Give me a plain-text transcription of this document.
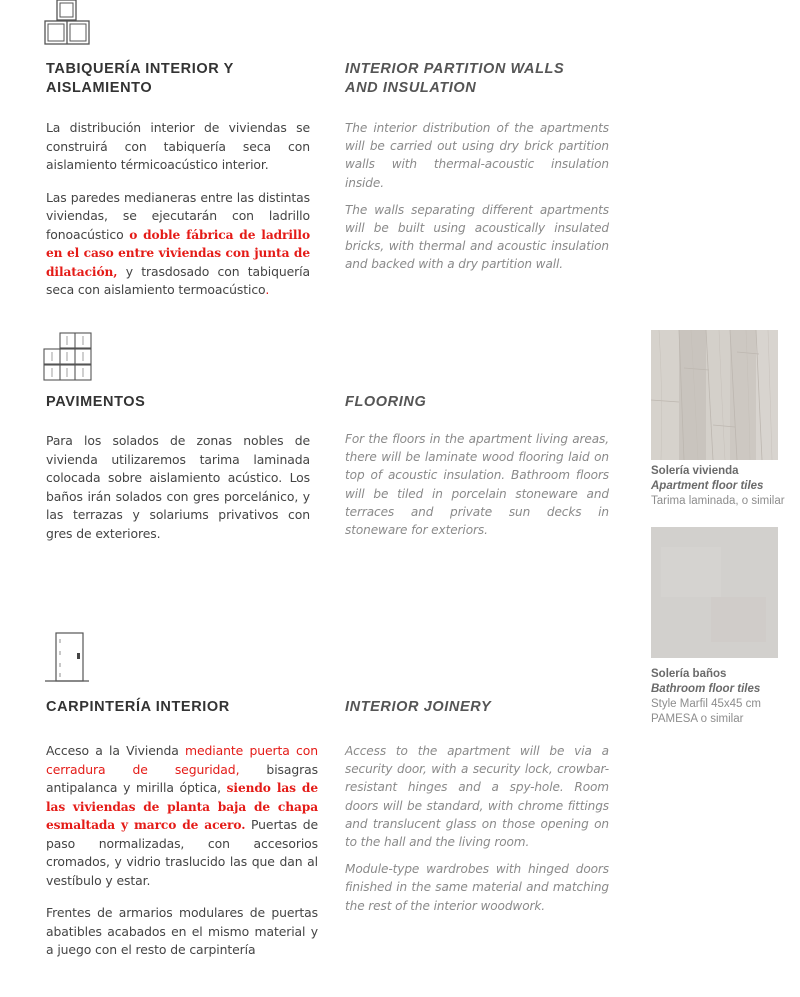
TABIQUERÍA INTERIOR Y
AISLAMIENTO
INTERIOR PARTITION WALLS
AND INSULATION

La distribución interior de viviendas se construirá con tabiquería seca con aislamiento térmicoacústico interior.

Las paredes medianeras entre las distintas viviendas, se ejecutarán con ladrillo fonoacústico o doble fábrica de ladrillo en el caso entre viviendas con junta de dilatación, y trasdosado con tabiquería seca con aislamiento termoacústico.

The interior distribution of the apartments will be carried out using dry brick partition walls with thermal-acoustic insulation inside.

The walls separating different apartments will be built using acoustically insulated bricks, with thermal and acoustic insulation and backed with a dry partition wall.

PAVIMENTOS	FLOORING

Para los solados de zonas nobles de vivienda utilizaremos tarima laminada colocada sobre aislamiento acústico. Los baños irán solados con gres porcelánico, y las terrazas y solariums privativos con gres de exteriores.

For the floors in the apartment living areas, there will be laminate wood flooring laid on top of acoustic insulation. Bathroom floors will be tiled in porcelain stoneware and terraces and private sun decks in stoneware for exteriors.

Solería vivienda
Apartment floor tiles
Tarima laminada, o similar
Solería baños
Bathroom floor tiles
Style Marfil 45x45 cm
PAMESA o similar
CARPINTERÍA INTERIOR	INTERIOR JOINERY

Acceso a la Vivienda mediante puerta con cerradura de seguridad, bisagras antipalanca y mirilla óptica, siendo las de las viviendas de planta baja de chapa esmaltada y marco de acero. Puertas de paso normalizadas, con accesorios cromados, y vidrio traslucido las que dan al vestíbulo y estar.

Frentes de armarios modulares de puertas abatibles acabados en el mismo material y a juego con el resto de carpintería

Access to the apartment will be via a security door, with a security lock, crowbar-resistant hinges and a spy-hole. Room doors will be standard, with chrome fittings and translucent glass on those opening on to the hall and the living room.

Module-type wardrobes with hinged doors finished in the same material and matching the rest of the interior woodwork.
